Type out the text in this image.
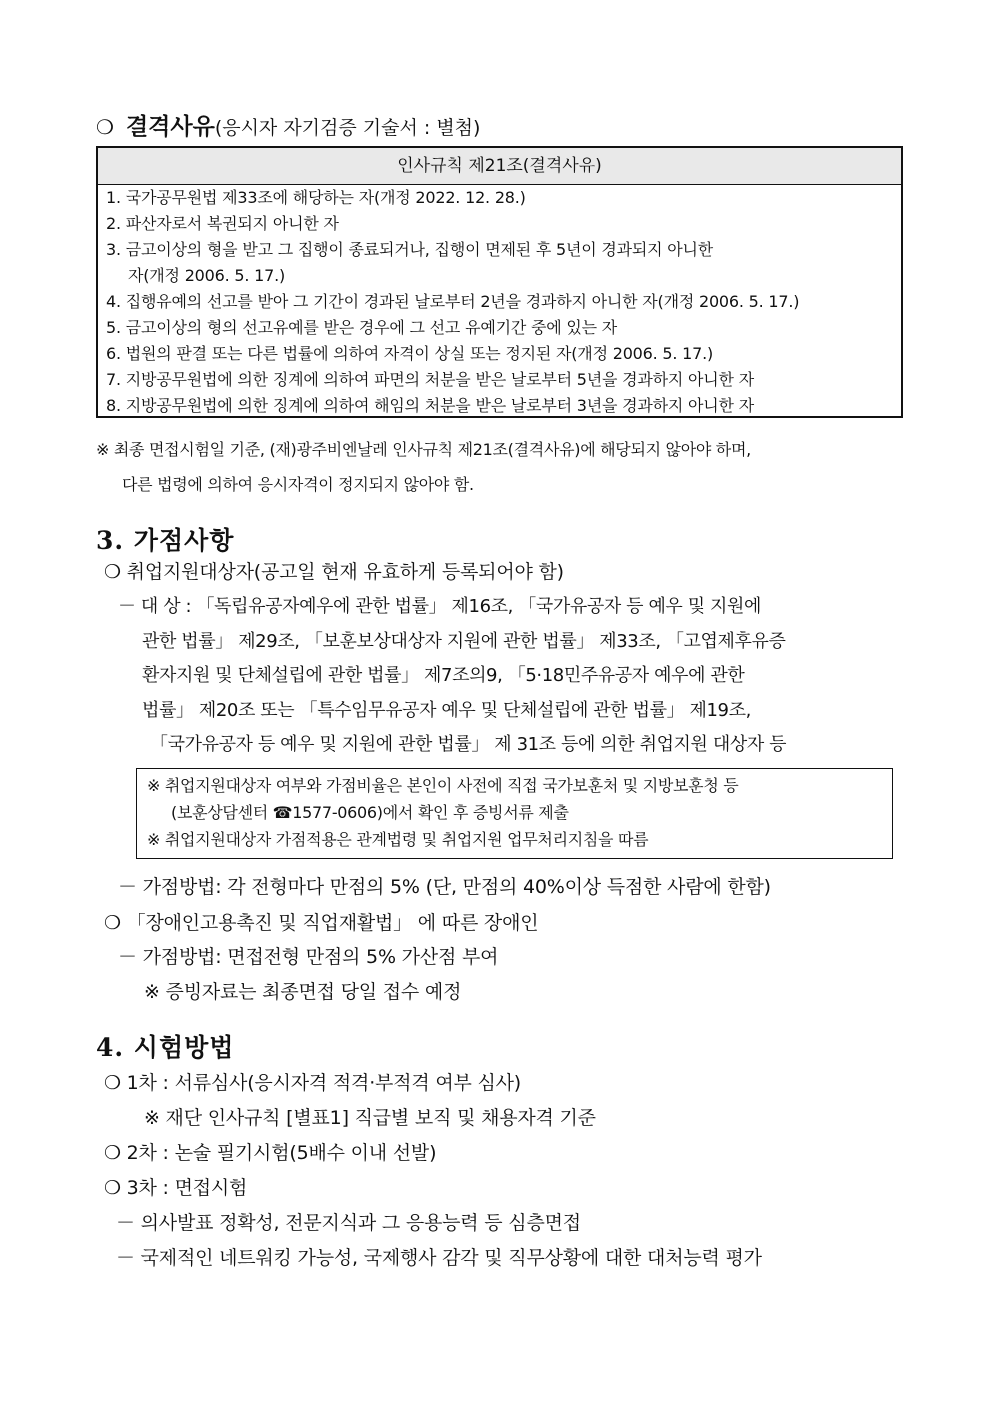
❍ 결격사유(응시자 자기검증 기술서 : 별첨)
인사규칙 제21조(결격사유)
1. 국가공무원법 제33조에 해당하는 자(개정 2022. 12. 28.)
2. 파산자로서 복권되지 아니한 자
3. 금고이상의 형을 받고 그 집행이 종료되거나, 집행이 면제된 후 5년이 경과되지 아니한
자(개정 2006. 5. 17.)
4. 집행유예의 선고를 받아 그 기간이 경과된 날로부터 2년을 경과하지 아니한 자(개정 2006. 5. 17.)
5. 금고이상의 형의 선고유예를 받은 경우에 그 선고 유예기간 중에 있는 자
6. 법원의 판결 또는 다른 법률에 의하여 자격이 상실 또는 정지된 자(개정 2006. 5. 17.)
7. 지방공무원법에 의한 징계에 의하여 파면의 처분을 받은 날로부터 5년을 경과하지 아니한 자
8. 지방공무원법에 의한 징계에 의하여 해임의 처분을 받은 날로부터 3년을 경과하지 아니한 자
※ 최종 면접시험일 기준, (재)광주비엔날레 인사규칙 제21조(결격사유)에 해당되지 않아야 하며,
다른 법령에 의하여 응시자격이 정지되지 않아야 함.
3. 가점사항
❍ 취업지원대상자(공고일 현재 유효하게 등록되어야 함)
－ 대 상 : 「독립유공자예우에 관한 법률」 제16조, 「국가유공자 등 예우 및 지원에
관한 법률」 제29조, 「보훈보상대상자 지원에 관한 법률」 제33조, 「고엽제후유증
환자지원 및 단체설립에 관한 법률」 제7조의9, 「5·18민주유공자 예우에 관한
법률」 제20조 또는 「특수임무유공자 예우 및 단체설립에 관한 법률」 제19조,
「국가유공자 등 예우 및 지원에 관한 법률」 제 31조 등에 의한 취업지원 대상자 등
※ 취업지원대상자 여부와 가점비율은 본인이 사전에 직접 국가보훈처 및 지방보훈청 등
(보훈상담센터 ☎1577-0606)에서 확인 후 증빙서류 제출
※ 취업지원대상자 가점적용은 관계법령 및 취업지원 업무처리지침을 따름
－ 가점방법: 각 전형마다 만점의 5% (단, 만점의 40%이상 득점한 사람에 한함)
❍ 「장애인고용촉진 및 직업재활법」 에 따른 장애인
－ 가점방법: 면접전형 만점의 5% 가산점 부여
※ 증빙자료는 최종면접 당일 접수 예정
4. 시험방법
❍ 1차 : 서류심사(응시자격 적격·부적격 여부 심사)
※ 재단 인사규칙 [별표1] 직급별 보직 및 채용자격 기준
❍ 2차 : 논술 필기시험(5배수 이내 선발)
❍ 3차 : 면접시험
－ 의사발표 정확성, 전문지식과 그 응용능력 등 심층면접
－ 국제적인 네트워킹 가능성, 국제행사 감각 및 직무상황에 대한 대처능력 평가
